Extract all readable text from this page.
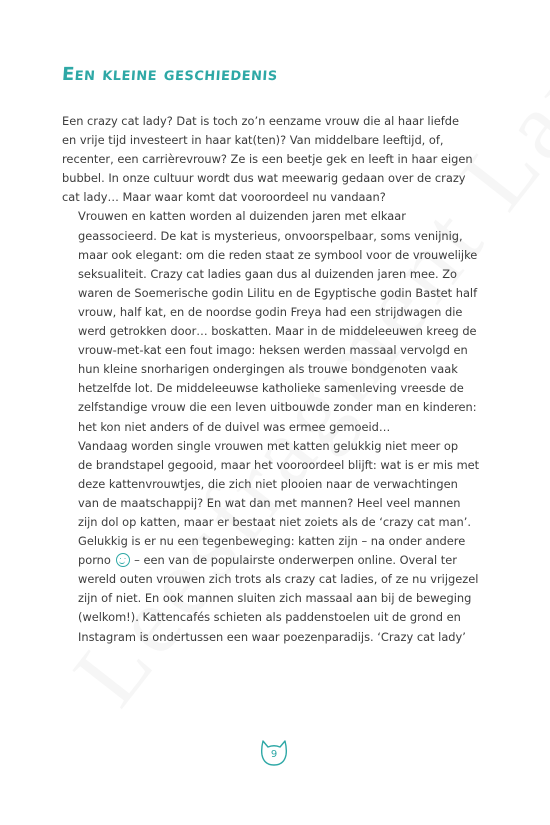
Een kleine geschiedenis

Een crazy cat lady? Dat is toch zo’n eenzame vrouw die al haar liefde
en vrije tijd investeert in haar kat(ten)? Van middelbare leeftijd, of,
recenter, een carrièrevrouw? Ze is een beetje gek en leeft in haar eigen
bubbel. In onze cultuur wordt dus wat meewarig gedaan over de crazy
cat lady… Maar waar komt dat vooroordeel nu vandaan?

Vrouwen en katten worden al duizenden jaren met elkaar
geassocieerd. De kat is mysterieus, onvoorspelbaar, soms venijnig,
maar ook elegant: om die reden staat ze symbool voor de vrouwelijke
seksualiteit. Crazy cat ladies gaan dus al duizenden jaren mee. Zo
waren de Soemerische godin Lilitu en de Egyptische godin Bastet half
vrouw, half kat, en de noordse godin Freya had een strijdwagen die
werd getrokken door… boskatten. Maar in de middeleeuwen kreeg de
vrouw-met-kat een fout imago: heksen werden massaal vervolgd en
hun kleine snorharigen ondergingen als trouwe bondgenoten vaak
hetzelfde lot. De middeleeuwse katholieke samenleving vreesde de
zelfstandige vrouw die een leven uitbouwde zonder man en kinderen:
het kon niet anders of de duivel was ermee gemoeid…

Vandaag worden single vrouwen met katten gelukkig niet meer op
de brandstapel gegooid, maar het vooroordeel blijft: wat is er mis met
deze kattenvrouwtjes, die zich niet plooien naar de verwachtingen
van de maatschappij? En wat dan met mannen? Heel veel mannen
zijn dol op katten, maar er bestaat niet zoiets als de ‘crazy cat man’.
Gelukkig is er nu een tegenbeweging: katten zijn – na onder andere
porno – een van de populairste onderwerpen online. Overal ter
wereld outen vrouwen zich trots als crazy cat ladies, of ze nu vrijgezel
zijn of niet. En ook mannen sluiten zich massaal aan bij de beweging
(welkom!). Kattencafés schieten als paddenstoelen uit de grond en
Instagram is ondertussen een waar poezenparadijs. ‘Crazy cat lady’

9
